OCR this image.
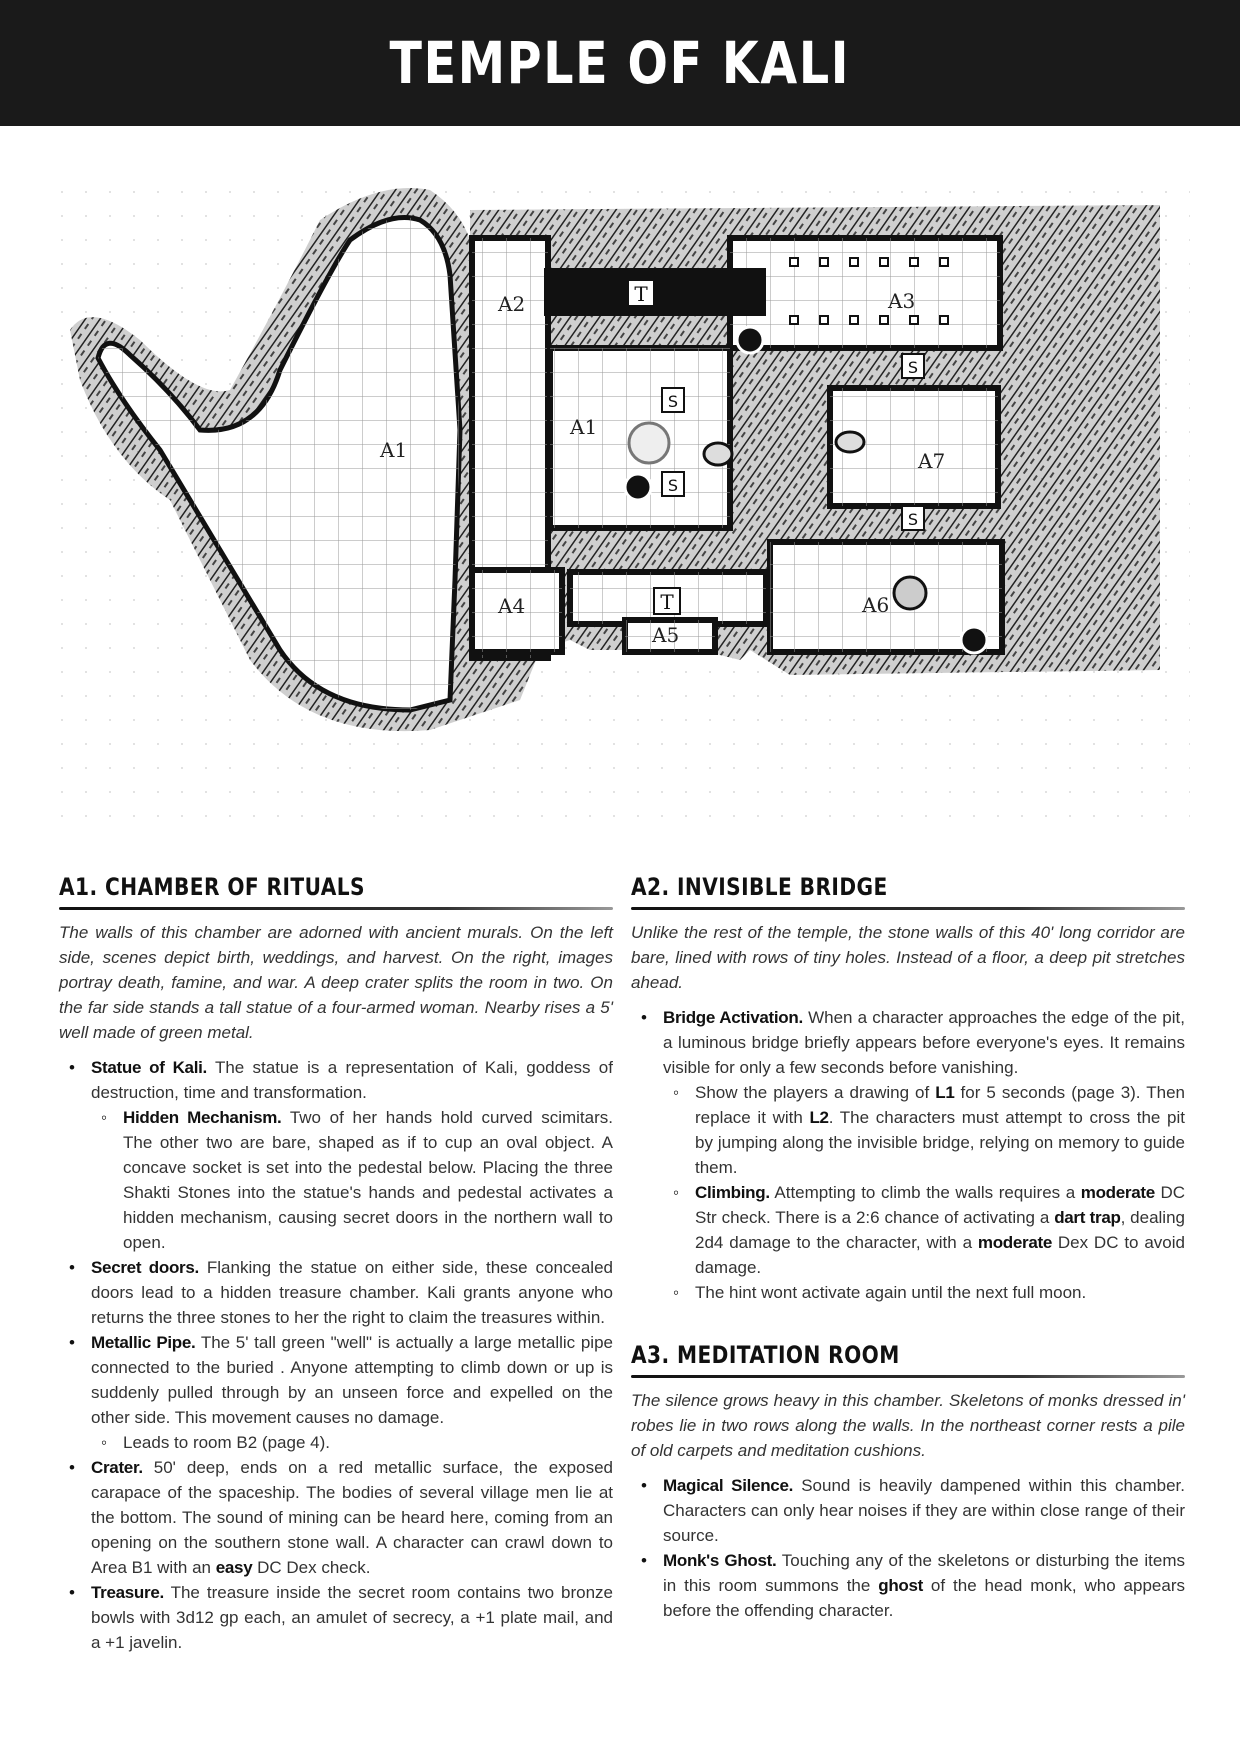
TEMPLE OF KALI
T
T
S
S
S
S
A1
A1
A2	A3
A4
A5
A6
A7
A1. CHAMBER OF RITUALS

The walls of this chamber are adorned with ancient murals. On the left side, scenes depict birth, weddings, and harvest. On the right, images portray death, famine, and war. A deep crater splits the room in two. On the far side stands a tall statue of a four-armed woman. Nearby rises a 5' well made of green metal.

• Statue of Kali. The statue is a representation of Kali, goddess of destruction, time and transformation.
◦ Hidden Mechanism. Two of her hands hold curved scimitars. The other two are bare, shaped as if to cup an oval object. A concave socket is set into the pedestal below. Placing the three Shakti Stones into the statue's hands and pedestal activates a hidden mechanism, causing secret doors in the northern wall to open.
• Secret doors. Flanking the statue on either side, these concealed doors lead to a hidden treasure chamber. Kali grants anyone who returns the three stones to her the right to claim the treasures within.
• Metallic Pipe. The 5' tall green "well" is actually a large metallic pipe connected to the buried . Anyone attempting to climb down or up is suddenly pulled through by an unseen force and expelled on the other side. This movement causes no damage.
◦ Leads to room B2 (page 4).
• Crater. 50' deep, ends on a red metallic surface, the exposed carapace of the spaceship. The bodies of several village men lie at the bottom. The sound of mining can be heard here, coming from an opening on the southern stone wall. A character can crawl down to Area B1 with an easy DC Dex check.
• Treasure. The treasure inside the secret room contains two bronze bowls with 3d12 gp each, an amulet of secrecy, a +1 plate mail, and a +1 javelin.
A2. INVISIBLE BRIDGE

Unlike the rest of the temple, the stone walls of this 40' long corridor are bare, lined with rows of tiny holes. Instead of a floor, a deep pit stretches ahead.

• Bridge Activation. When a character approaches the edge of the pit, a luminous bridge briefly appears before everyone's eyes. It remains visible for only a few seconds before vanishing.
◦ Show the players a drawing of L1 for 5 seconds (page 3). Then replace it with L2. The characters must attempt to cross the pit by jumping along the invisible bridge, relying on memory to guide them.
◦ Climbing. Attempting to climb the walls requires a moderate DC Str check. There is a 2:6 chance of activating a dart trap, dealing 2d4 damage to the character, with a moderate Dex DC to avoid damage.
◦ The hint wont activate again until the next full moon.
A3. MEDITATION ROOM

The silence grows heavy in this chamber. Skeletons of monks dressed in' robes lie in two rows along the walls. In the northeast corner rests a pile of old carpets and meditation cushions.

• Magical Silence. Sound is heavily dampened within this chamber. Characters can only hear noises if they are within close range of their source.
• Monk's Ghost. Touching any of the skeletons or disturbing the items in this room summons the ghost of the head monk, who appears before the offending character.
